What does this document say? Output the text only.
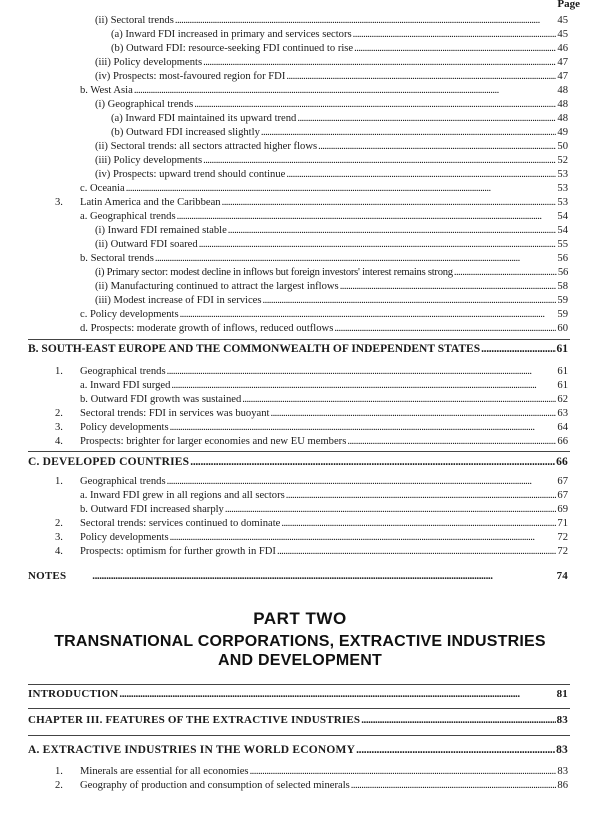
Page
(ii) Sectoral trends . . .	45
(a) Inward FDI increased in primary and services sectors . . .	45
(b) Outward FDI: resource-seeking FDI continued to rise . . .	46
(iii) Policy developments . . .	47
(iv) Prospects: most-favoured region for FDI . . .	47
b. West Asia . . .	48
(i) Geographical trends . . .	48
(a) Inward FDI maintained its upward trend . . .	48
(b) Outward FDI increased slightly . . .	49
(ii) Sectoral trends: all sectors attracted higher flows . . .	50
(iii) Policy developments . . .	52
(iv) Prospects: upward trend should continue . . .	53
c. Oceania . . .	53
3. Latin America and the Caribbean . . .	53
a. Geographical trends . . .	54
(i) Inward FDI remained stable . . .	54
(ii) Outward FDI soared . . .	55
b. Sectoral trends . . .	56
(i) Primary sector: modest decline in inflows but foreign investors' interest remains strong . . .	56
(ii) Manufacturing continued to attract the largest inflows . . .	58
(iii) Modest increase of FDI in services . . .	59
c. Policy developments . . .	59
d. Prospects: moderate growth of inflows, reduced outflows . . .	60
B. SOUTH-EAST EUROPE AND THE COMMONWEALTH OF INDEPENDENT STATES . . .	61
1. Geographical trends . . .	61
a. Inward FDI surged . . .	61
b. Outward FDI growth was sustained . . .	62
2. Sectoral trends: FDI in services was buoyant . . .	63
3. Policy developments . . .	64
4. Prospects: brighter for larger economies and new EU members . . .	66
C. DEVELOPED COUNTRIES . . .	66
1. Geographical trends . . .	67
a. Inward FDI grew in all regions and all sectors . . .	67
b. Outward FDI increased sharply . . .	69
2. Sectoral trends: services continued to dominate . . .	71
3. Policy developments . . .	72
4. Prospects: optimism for further growth in FDI . . .	72
NOTES . . .	74
PART TWO
TRANSNATIONAL CORPORATIONS, EXTRACTIVE INDUSTRIES
AND DEVELOPMENT
INTRODUCTION . . .	81
CHAPTER III. FEATURES OF THE EXTRACTIVE INDUSTRIES . . .	83
A. EXTRACTIVE INDUSTRIES IN THE WORLD ECONOMY . . .	83
1. Minerals are essential for all economies . . .	83
2. Geography of production and consumption of selected minerals . . .	86
